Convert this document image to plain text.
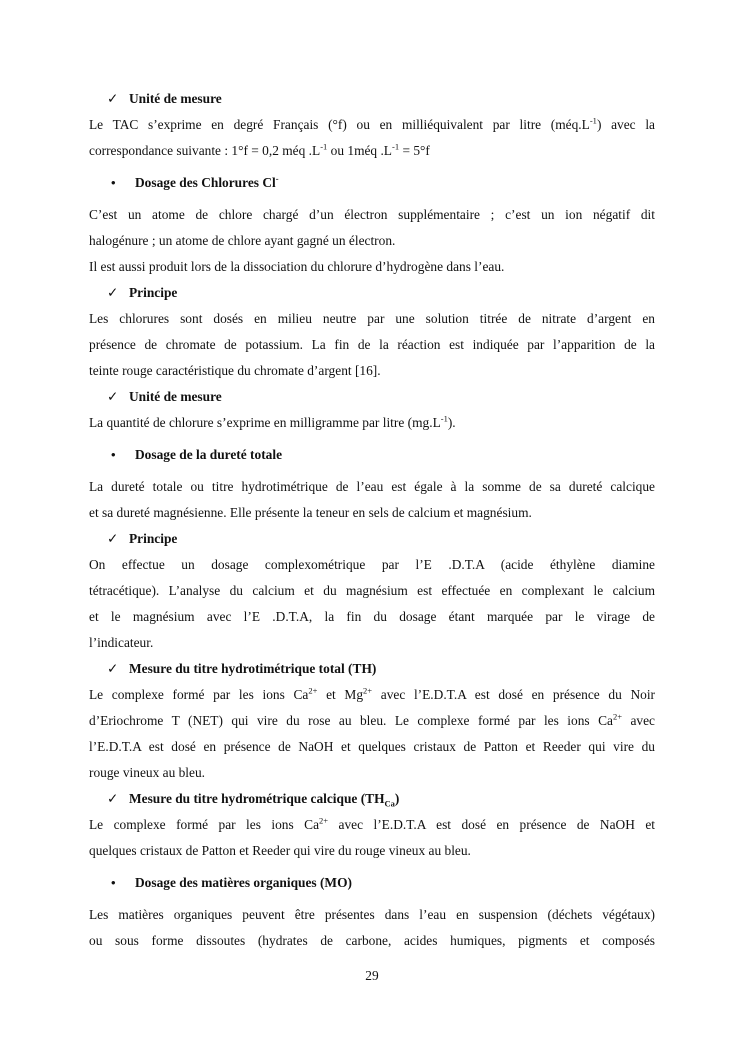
✓ Unité de mesure

Le TAC s’exprime en degré Français (°f) ou en milliéquivalent par litre $(méq.L^{-1})$ avec la

correspondance suivante : 1°f = 0,2 méq $.L^{-1}$ ou 1méq $.L^{-1} = 5^\circ f$

• Dosage des Chlorures Cl-

C’est un atome de chlore chargé d’un électron supplémentaire ; c’est un ion négatif dit

halogénure ; un atome de chlore ayant gagné un électron.

Il est aussi produit lors de la dissociation du chlorure d’hydrogène dans l’eau.

✓ Principe

Les chlorures sont dosés en milieu neutre par une solution titrée de nitrate d’argent en

présence de chromate de potassium. La fin de la réaction est indiquée par l’apparition de la

teinte rouge caractéristique du chromate d’argent [16].

✓ Unité de mesure

La quantité de chlorure s’exprime en milligramme par litre $(mg.L^{-1})$.

• Dosage de la dureté totale

La dureté totale ou titre hydrotimétrique de l’eau est égale à la somme de sa dureté calcique

et sa dureté magnésienne. Elle présente la teneur en sels de calcium et magnésium.

✓ Principe

On effectue un dosage complexométrique par l’E .D.T.A (acide éthylène diamine

tétracétique). L’analyse du calcium et du magnésium est effectuée en complexant le calcium

et le magnésium avec l’E .D.T.A, la fin du dosage étant marquée par le virage de

l’indicateur.

✓ Mesure du titre hydrotimétrique total (TH)

Le complexe formé par les ions $Ca^{2+}$ et $Mg^{2+}$ avec l’E.D.T.A est dosé en présence du Noir

d’Eriochrome T (NET) qui vire du rose au bleu. Le complexe formé par les ions $Ca^{2+}$ avec

l’E.D.T.A est dosé en présence de NaOH et quelques cristaux de Patton et Reeder qui vire du

rouge vineux au bleu.

✓ Mesure du titre hydrométrique calcique $(TH_{Ca})$

Le complexe formé par les ions $Ca^{2+}$ avec l’E.D.T.A est dosé en présence de NaOH et

quelques cristaux de Patton et Reeder qui vire du rouge vineux au bleu.

• Dosage des matières organiques (MO)

Les matières organiques peuvent être présentes dans l’eau en suspension (déchets végétaux)

ou sous forme dissoutes (hydrates de carbone, acides humiques, pigments et composés

29
